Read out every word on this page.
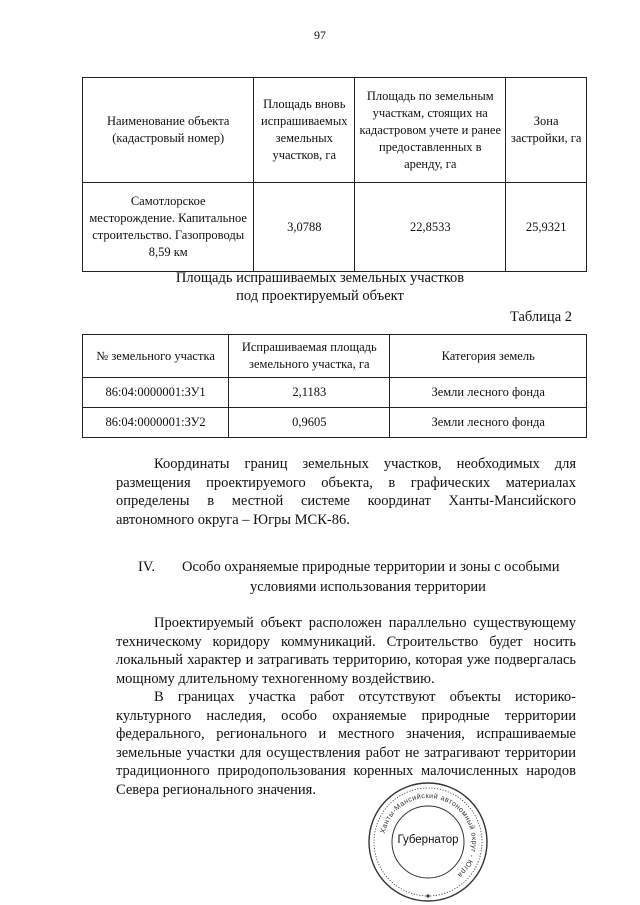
97
Наименование объекта (кадастровый номер)	Площадь вновь испрашиваемых земельных участков, га	Площадь по земельным участкам, стоящих на кадастровом учете и ранее предоставленных в аренду, га	Зона застройки, га
Самотлорское месторождение. Капитальное строительство. Газопроводы 8,59 км	3,0788	22,8533	25,9321
Площадь испрашиваемых земельных участков
под проектируемый объект
Таблица 2
№ земельного участка	Испрашиваемая площадь земельного участка, га	Категория земель
86:04:0000001:ЗУ1	2,1183	Земли лесного фонда
86:04:0000001:ЗУ2	0,9605	Земли лесного фонда
Координаты границ земельных участков, необходимых для размещения проектируемого объекта, в графических материалах определены в местной системе координат Ханты-Мансийского автономного округа – Югры МСК-86.
IV. Особо охраняемые природные территории и зоны с особыми
условиями использования территории
Проектируемый объект расположен параллельно существующему техническому коридору коммуникаций. Строительство будет носить локальный характер и затрагивать территорию, которая уже подвергалась мощному длительному техногенному воздействию.
В границах участка работ отсутствуют объекты историко-культурного наследия, особо охраняемые природные территории федерального, регионального и местного значения, испрашиваемые земельные участки для осуществления работ не затрагивают территории традиционного природопользования коренных малочисленных народов Севера регионального значения.
Ханты-Мансийский автономный округ - Югра
Губернатор
